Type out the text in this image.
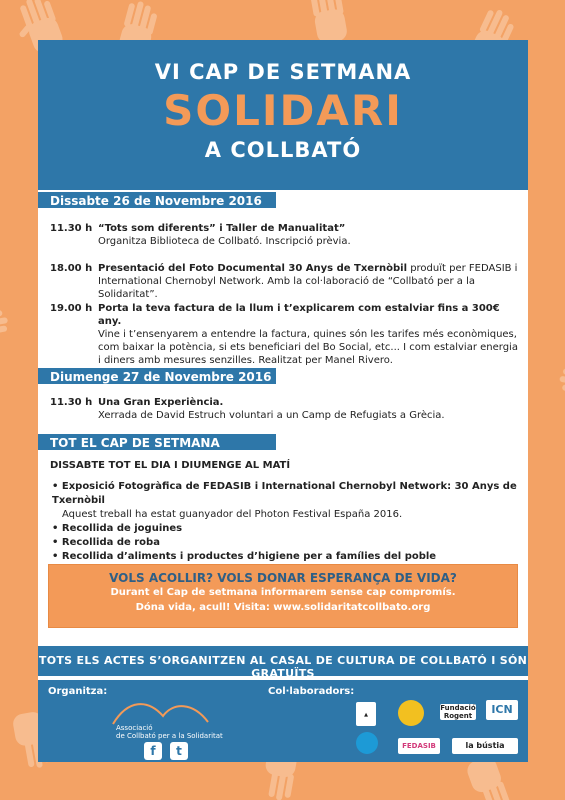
VI CAP DE SETMANA
SOLIDARI
A COLLBATÓ
Dissabte 26 de Novembre 2016
11.30 h “Tots som diferents” i Taller de Manualitat”
Organitza Biblioteca de Collbató. Inscripció prèvia.
18.00 h Presentació del Foto Documental 30 Anys de Txernòbil produït per FEDASIB i International Chernobyl Network. Amb la col·laboració de “Collbató per a la Solidaritat”.
19.00 h Porta la teva factura de la llum i t’explicarem com estalviar fins a 300€ any.
Vine i t’ensenyarem a entendre la factura, quines són les tarifes més econòmiques, com baixar la potència, si ets beneficiari del Bo Social, etc... I com estalviar energia i diners amb mesures senzilles. Realitzat per Manel Rivero.
Diumenge 27 de Novembre 2016
11.30 h Una Gran Experiència.
Xerrada de David Estruch voluntari a un Camp de Refugiats a Grècia.
TOT EL CAP DE SETMANA
DISSABTE TOT EL DIA I DIUMENGE AL MATÍ
• Exposició Fotogràfica de FEDASIB i International Chernobyl Network: 30 Anys de Txernòbil
Aquest treball ha estat guanyador del Photon Festival España 2016.
• Recollida de joguines
• Recollida de roba
• Recollida d’aliments i productes d’higiene per a famílies del poble
VOLS ACOLLIR? VOLS DONAR ESPERANÇA DE VIDA?
Durant el Cap de setmana informarem sense cap compromís.
Dóna vida, acull! Visita: www.solidaritatcollbato.org
TOTS ELS ACTES S’ORGANITZEN AL CASAL DE CULTURA DE COLLBATÓ I SÓN GRATUÏTS
Organitza:	Col·laboradors:
Associació
de Collbató per a la Solidaritat
f	t
▲
Fundació Rogent	ICN
FEDASIB	la bústia
